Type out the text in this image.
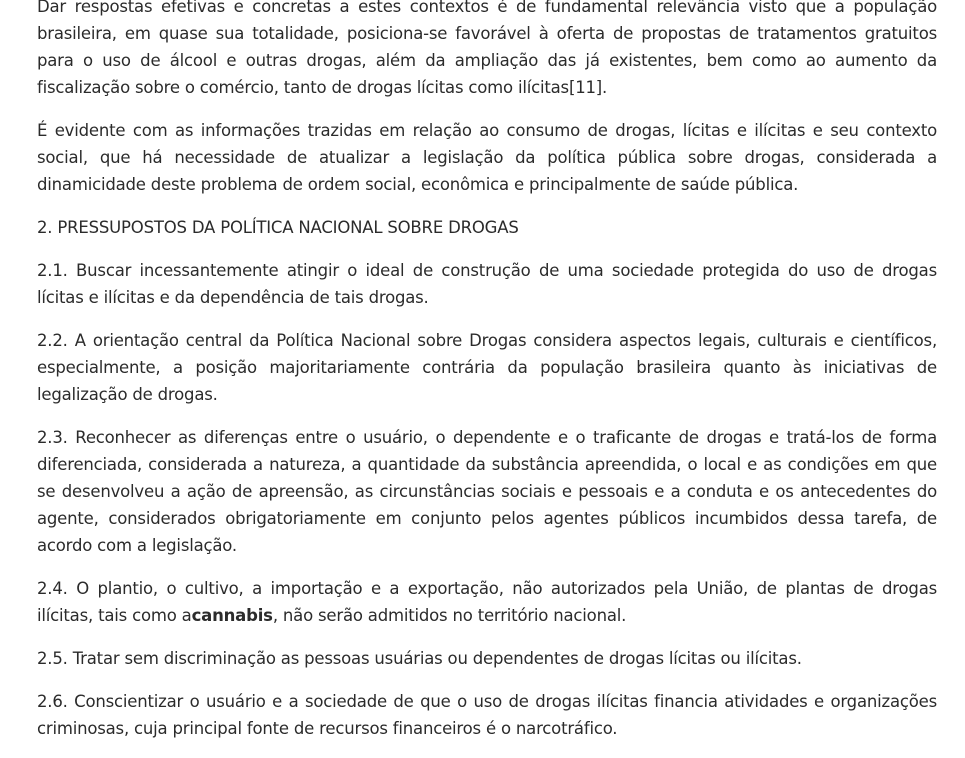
Dar respostas efetivas e concretas a estes contextos é de fundamental relevância visto que a população brasileira, em quase sua totalidade, posiciona-se favorável à oferta de propostas de tratamentos gratuitos para o uso de álcool e outras drogas, além da ampliação das já existentes, bem como ao aumento da fiscalização sobre o comércio, tanto de drogas lícitas como ilícitas[11].

É evidente com as informações trazidas em relação ao consumo de drogas, lícitas e ilícitas e seu contexto social, que há necessidade de atualizar a legislação da política pública sobre drogas, considerada a dinamicidade deste problema de ordem social, econômica e principalmente de saúde pública.

2. PRESSUPOSTOS DA POLÍTICA NACIONAL SOBRE DROGAS

2.1. Buscar incessantemente atingir o ideal de construção de uma sociedade protegida do uso de drogas lícitas e ilícitas e da dependência de tais drogas.

2.2. A orientação central da Política Nacional sobre Drogas considera aspectos legais, culturais e científicos, especialmente, a posição majoritariamente contrária da população brasileira quanto às iniciativas de legalização de drogas.

2.3. Reconhecer as diferenças entre o usuário, o dependente e o traficante de drogas e tratá-los de forma diferenciada, considerada a natureza, a quantidade da substância apreendida, o local e as condições em que se desenvolveu a ação de apreensão, as circunstâncias sociais e pessoais e a conduta e os antecedentes do agente, considerados obrigatoriamente em conjunto pelos agentes públicos incumbidos dessa tarefa, de acordo com a legislação.

2.4. O plantio, o cultivo, a importação e a exportação, não autorizados pela União, de plantas de drogas ilícitas, tais como acannabis, não serão admitidos no território nacional.

2.5. Tratar sem discriminação as pessoas usuárias ou dependentes de drogas lícitas ou ilícitas.

2.6. Conscientizar o usuário e a sociedade de que o uso de drogas ilícitas financia atividades e organizações criminosas, cuja principal fonte de recursos financeiros é o narcotráfico.
